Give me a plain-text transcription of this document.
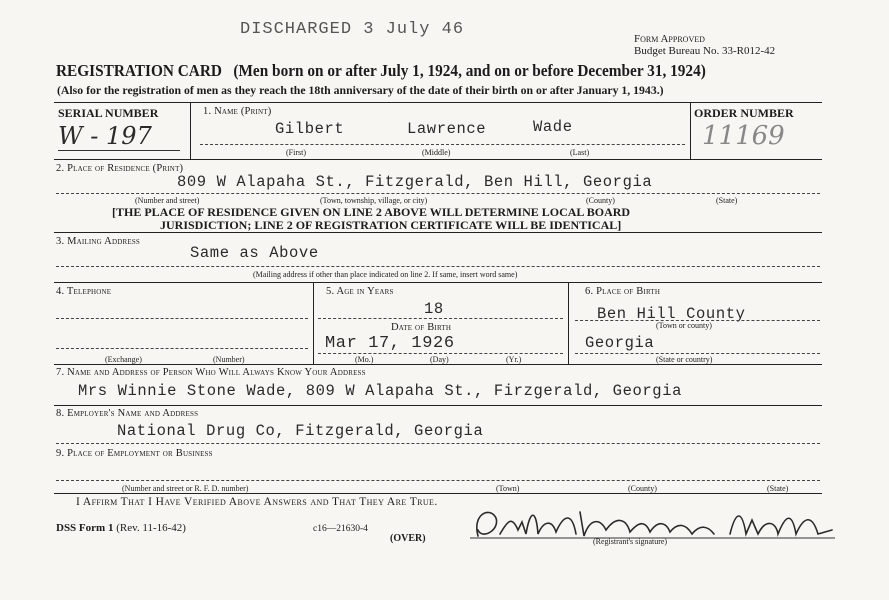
DISCHARGED 3 July 46	Form Approved
Budget Bureau No. 33-R012-42
REGISTRATION CARD (Men born on or after July 1, 1924, and on or before December 31, 1924)
(Also for the registration of men as they reach the 18th anniversary of the date of their birth on or after January 1, 1943.)
SERIAL NUMBER
W - 197
1. Name (Print)
Gilbert	Lawrence	Wade
(First)	(Middle)	(Last)
ORDER NUMBER
11169
2. Place of Residence (Print)
809 W Alapaha St., Fitzgerald, Ben Hill, Georgia
(Number and street)	(Town, township, village, or city)	(County)	(State)
[THE PLACE OF RESIDENCE GIVEN ON LINE 2 ABOVE WILL DETERMINE LOCAL BOARD
JURISDICTION; LINE 2 OF REGISTRATION CERTIFICATE WILL BE IDENTICAL]
3. Mailing Address
Same as Above
(Mailing address if other than place indicated on line 2. If same, insert word same)
4. Telephone
(Exchange)	(Number)
5. Age in Years
18
Date of Birth
Mar 17, 1926
(Mo.)	(Day)	(Yr.)
6. Place of Birth
Ben Hill County
(Town or county)
Georgia
(State or country)
7. Name and Address of Person Who Will Always Know Your Address
Mrs Winnie Stone Wade, 809 W Alapaha St., Firzgerald, Georgia
8. Employer's Name and Address
National Drug Co, Fitzgerald, Georgia
9. Place of Employment or Business
(Number and street or R. F. D. number)	(Town)	(County)	(State)
I Affirm That I Have Verified Above Answers and That They Are True.
DSS Form 1 (Rev. 11-16-42)	c16—21630-4
(OVER)	(Registrant's signature)
